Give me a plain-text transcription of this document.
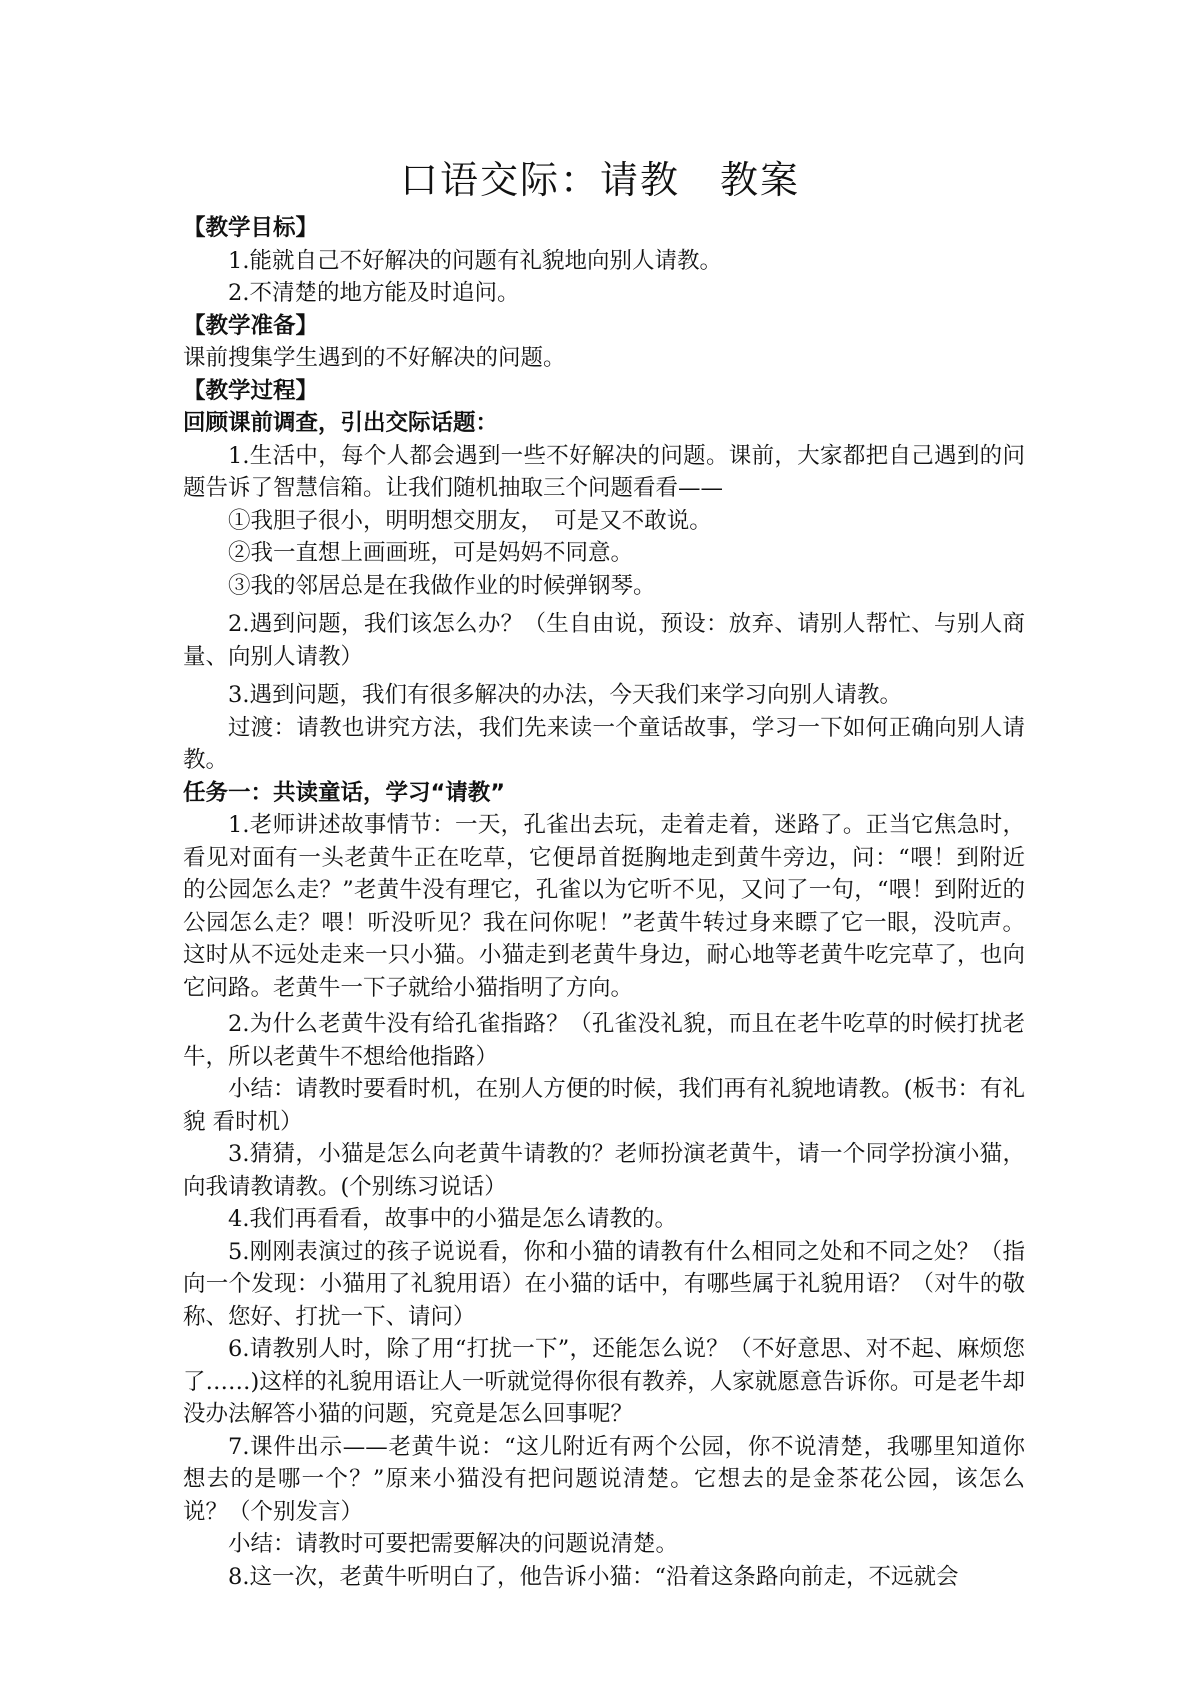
口语交际：请教　教案

【教学目标】

1.能就自己不好解决的问题有礼貌地向别人请教。

2.不清楚的地方能及时追问。

【教学准备】

课前搜集学生遇到的不好解决的问题。

【教学过程】

回顾课前调查，引出交际话题：

1.生活中，每个人都会遇到一些不好解决的问题。课前，大家都把自己遇到的问题告诉了智慧信箱。让我们随机抽取三个问题看看——

①我胆子很小，明明想交朋友，　可是又不敢说。

②我一直想上画画班，可是妈妈不同意。

③我的邻居总是在我做作业的时候弹钢琴。

2.遇到问题，我们该怎么办？（生自由说，预设：放弃、请别人帮忙、与别人商量、向别人请教）

3.遇到问题，我们有很多解决的办法，今天我们来学习向别人请教。

过渡：请教也讲究方法，我们先来读一个童话故事，学习一下如何正确向别人请教。

任务一：共读童话，学习“请教”

1.老师讲述故事情节：一天，孔雀出去玩，走着走着，迷路了。正当它焦急时，看见对面有一头老黄牛正在吃草，它便昂首挺胸地走到黄牛旁边，问：“喂！到附近的公园怎么走？”老黄牛没有理它，孔雀以为它听不见，又问了一句，“喂！到附近的公园怎么走？喂！听没听见？我在问你呢！”老黄牛转过身来瞟了它一眼，没吭声。这时从不远处走来一只小猫。小猫走到老黄牛身边，耐心地等老黄牛吃完草了，也向它问路。老黄牛一下子就给小猫指明了方向。

2.为什么老黄牛没有给孔雀指路？（孔雀没礼貌，而且在老牛吃草的时候打扰老牛，所以老黄牛不想给他指路）

小结：请教时要看时机，在别人方便的时候，我们再有礼貌地请教。(板书：有礼貌 看时机）

3.猜猜，小猫是怎么向老黄牛请教的？老师扮演老黄牛，请一个同学扮演小猫，向我请教请教。(个别练习说话）

4.我们再看看，故事中的小猫是怎么请教的。

5.刚刚表演过的孩子说说看，你和小猫的请教有什么相同之处和不同之处？（指向一个发现：小猫用了礼貌用语）在小猫的话中，有哪些属于礼貌用语？（对牛的敬称、您好、打扰一下、请问）

6.请教别人时，除了用“打扰一下”，还能怎么说？（不好意思、对不起、麻烦您了……)这样的礼貌用语让人一听就觉得你很有教养，人家就愿意告诉你。可是老牛却没办法解答小猫的问题，究竟是怎么回事呢？

7.课件出示——老黄牛说：“这儿附近有两个公园，你不说清楚，我哪里知道你想去的是哪一个？”原来小猫没有把问题说清楚。它想去的是金茶花公园，该怎么说？（个别发言）

小结：请教时可要把需要解决的问题说清楚。

8.这一次，老黄牛听明白了，他告诉小猫：“沿着这条路向前走，不远就会
